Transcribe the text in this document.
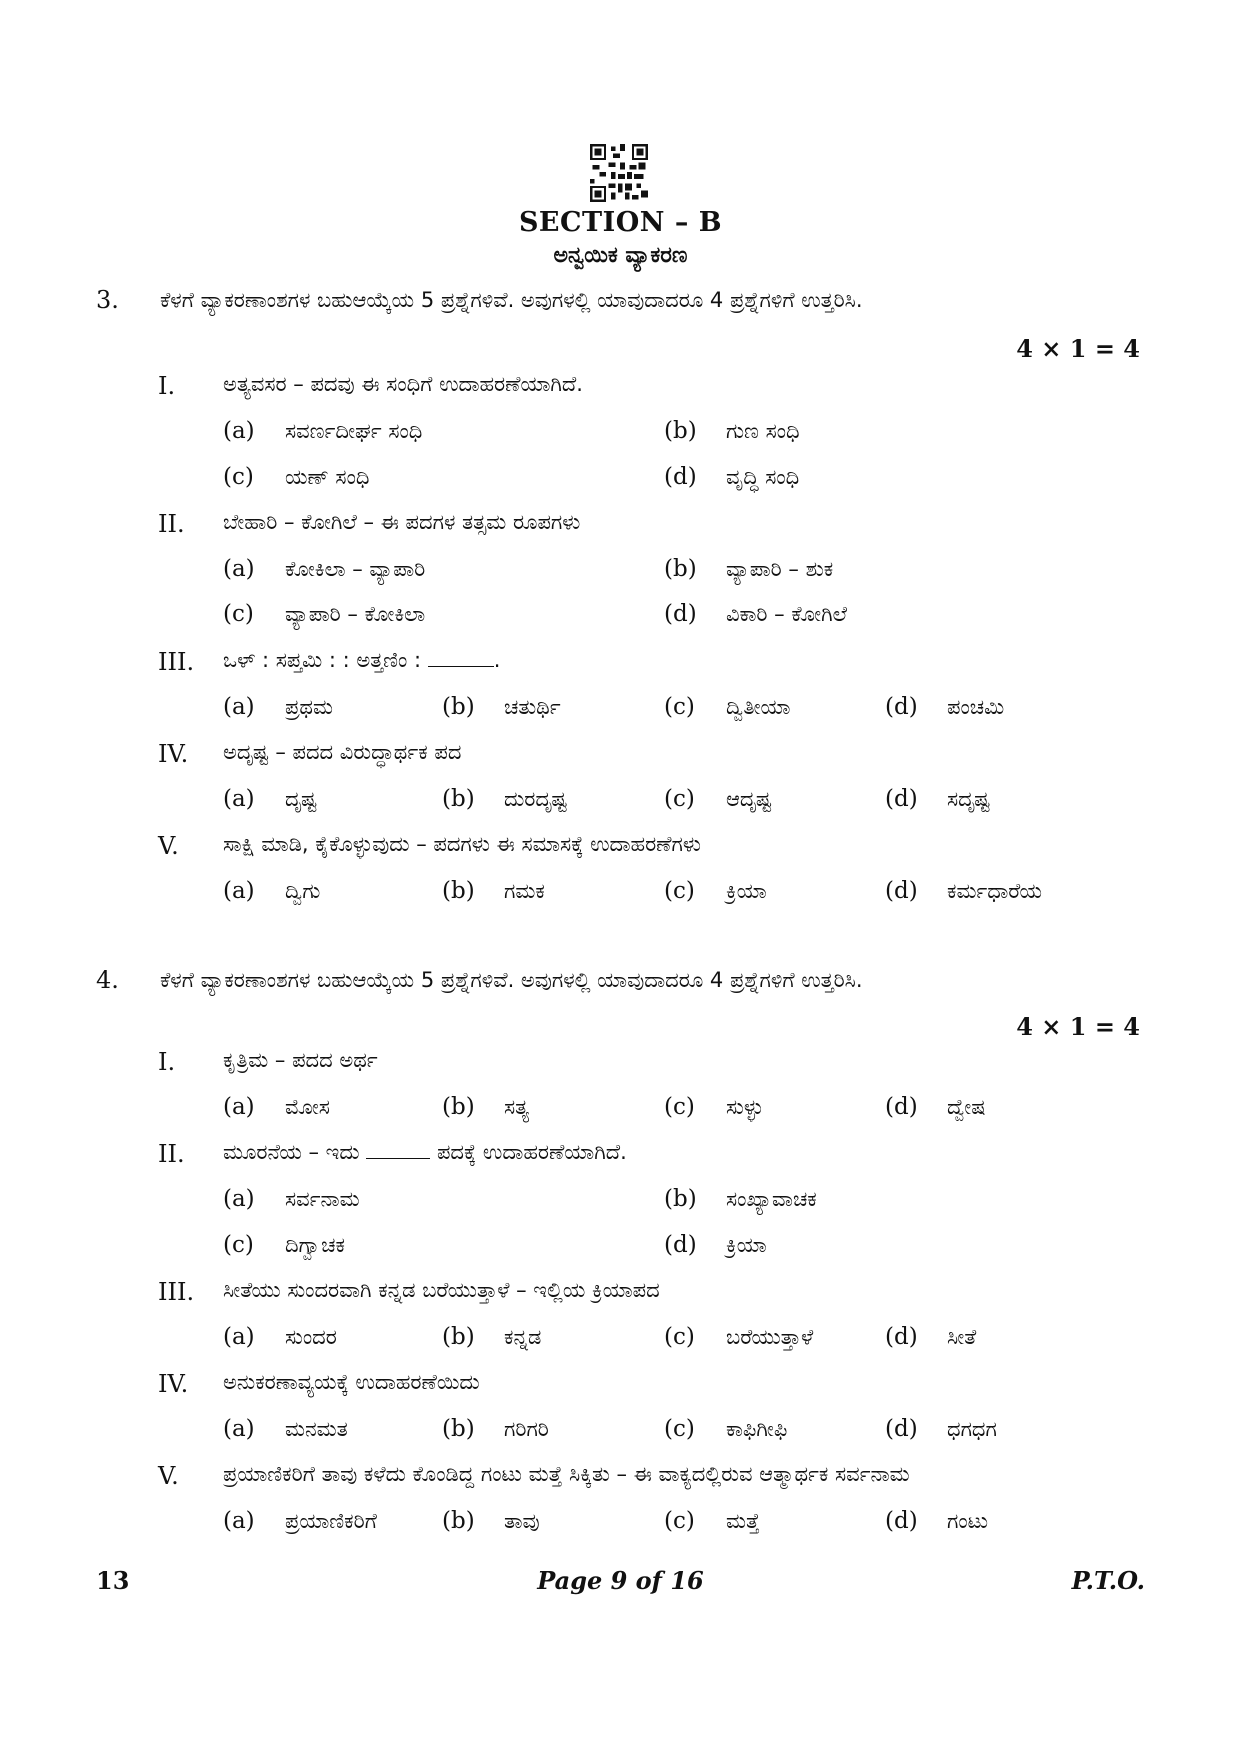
SECTION – B
ಅನ್ವಯಿಕ ವ್ಯಾಕರಣ
3. ಕೆಳಗೆ ವ್ಯಾಕರಣಾಂಶಗಳ ಬಹುಆಯ್ಕೆಯ 5 ಪ್ರಶ್ನೆಗಳಿವೆ. ಅವುಗಳಲ್ಲಿ ಯಾವುದಾದರೂ 4 ಪ್ರಶ್ನೆಗಳಿಗೆ ಉತ್ತರಿಸಿ.
4 × 1 = 4
I. ಅತ್ಯವಸರ – ಪದವು ಈ ಸಂಧಿಗೆ ಉದಾಹರಣೆಯಾಗಿದೆ.
(a) ಸವರ್ಣದೀರ್ಘ ಸಂಧಿ	(b) ಗುಣ ಸಂಧಿ
(c) ಯಣ್ ಸಂಧಿ	(d) ವೃದ್ಧಿ ಸಂಧಿ
II. ಬೇಹಾರಿ – ಕೋಗಿಲೆ – ಈ ಪದಗಳ ತತ್ಸಮ ರೂಪಗಳು
(a) ಕೋಕಿಲಾ – ವ್ಯಾಪಾರಿ	(b) ವ್ಯಾಪಾರಿ – ಶುಕ
(c) ವ್ಯಾಪಾರಿ – ಕೋಕಿಲಾ	(d) ವಿಕಾರಿ – ಕೋಗಿಲೆ
III. ಒಳ್ : ಸಪ್ತಮಿ : : ಅತ್ತಣಿಂ :	.
(a) ಪ್ರಥಮ	(b) ಚತುರ್ಥಿ	(c) ದ್ವಿತೀಯಾ	(d) ಪಂಚಮಿ
IV. ಅದೃಷ್ಟ – ಪದದ ವಿರುದ್ಧಾರ್ಥಕ ಪದ
(a) ದೃಷ್ಟ	(b) ದುರದೃಷ್ಟ	(c) ಆದೃಷ್ಟ	(d) ಸದೃಷ್ಟ
V. ಸಾಕ್ಷಿ ಮಾಡಿ, ಕೈಕೊಳ್ಳುವುದು – ಪದಗಳು ಈ ಸಮಾಸಕ್ಕೆ ಉದಾಹರಣೆಗಳು
(a) ದ್ವಿಗು	(b) ಗಮಕ	(c) ಕ್ರಿಯಾ	(d) ಕರ್ಮಧಾರೆಯ
4. ಕೆಳಗೆ ವ್ಯಾಕರಣಾಂಶಗಳ ಬಹುಆಯ್ಕೆಯ 5 ಪ್ರಶ್ನೆಗಳಿವೆ. ಅವುಗಳಲ್ಲಿ ಯಾವುದಾದರೂ 4 ಪ್ರಶ್ನೆಗಳಿಗೆ ಉತ್ತರಿಸಿ.
4 × 1 = 4
I. ಕೃತ್ರಿಮ – ಪದದ ಅರ್ಥ
(a) ಮೋಸ	(b) ಸತ್ಯ	(c) ಸುಳ್ಳು	(d) ದ್ವೇಷ
II. ಮೂರನೆಯ – ಇದು	ಪದಕ್ಕೆ ಉದಾಹರಣೆಯಾಗಿದೆ.
(a) ಸರ್ವನಾಮ	(b) ಸಂಖ್ಯಾವಾಚಕ
(c) ದಿಗ್ವಾಚಕ	(d) ಕ್ರಿಯಾ
III. ಸೀತೆಯು ಸುಂದರವಾಗಿ ಕನ್ನಡ ಬರೆಯುತ್ತಾಳೆ – ಇಲ್ಲಿಯ ಕ್ರಿಯಾಪದ
(a) ಸುಂದರ	(b) ಕನ್ನಡ	(c) ಬರೆಯುತ್ತಾಳೆ	(d) ಸೀತೆ
IV. ಅನುಕರಣಾವ್ಯಯಕ್ಕೆ ಉದಾಹರಣೆಯಿದು
(a) ಮನಮತ	(b) ಗರಿಗರಿ	(c) ಕಾಫಿಗೀಫಿ	(d) ಧಗಧಗ
V. ಪ್ರಯಾಣಿಕರಿಗೆ ತಾವು ಕಳೆದು ಕೊಂಡಿದ್ದ ಗಂಟು ಮತ್ತೆ ಸಿಕ್ಕಿತು – ಈ ವಾಕ್ಯದಲ್ಲಿರುವ ಆತ್ಮಾರ್ಥಕ ಸರ್ವನಾಮ
(a) ಪ್ರಯಾಣಿಕರಿಗೆ	(b) ತಾವು	(c) ಮತ್ತೆ	(d) ಗಂಟು
13	Page 9 of 16	P.T.O.
